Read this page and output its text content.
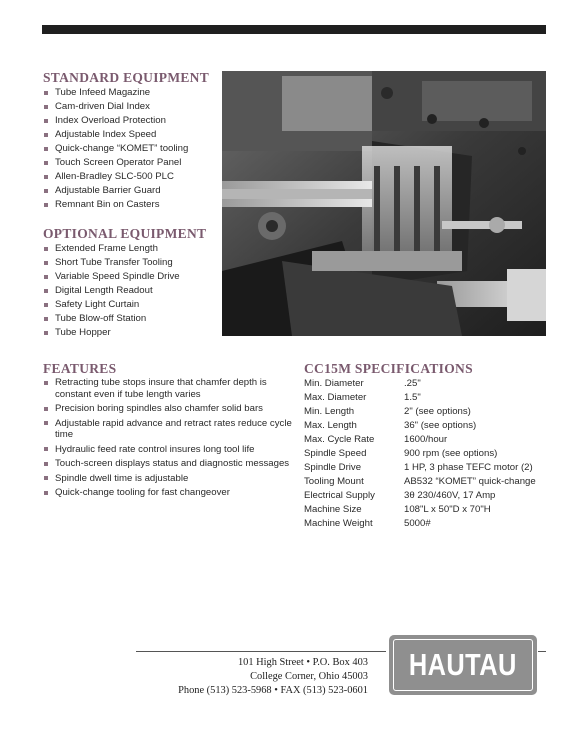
STANDARD EQUIPMENT
Tube Infeed Magazine
Cam-driven Dial Index
Index Overload Protection
Adjustable Index Speed
Quick-change “KOMET” tooling
Touch Screen Operator Panel
Allen-Bradley SLC-500 PLC
Adjustable Barrier Guard
Remnant Bin on Casters
OPTIONAL EQUIPMENT
Extended Frame Length
Short Tube Transfer Tooling
Variable Speed Spindle Drive
Digital Length Readout
Safety Light Curtain
Tube Blow-off Station
Tube Hopper
FEATURES
Retracting tube stops insure that chamfer depth is constant even if tube length varies
Precision boring spindles also chamfer solid bars
Adjustable rapid advance and retract rates reduce cycle time
Hydraulic feed rate control insures long tool life
Touch-screen displays status and diagnostic messages
Spindle dwell time is adjustable
Quick-change tooling for fast changeover
CC15M SPECIFICATIONS
Min. Diameter	.25"
Max. Diameter	1.5"
Min. Length	2" (see options)
Max. Length	36" (see options)
Max. Cycle Rate	1600/hour
Spindle Speed	900 rpm (see options)
Spindle Drive	1 HP, 3 phase TEFC motor (2)
Tooling Mount	AB532 “KOMET” quick-change
Electrical Supply	3θ 230/460V, 17 Amp
Machine Size	108"L x 50"D x 70"H
Machine Weight	5000#
101 High Street • P.O. Box 403
College Corner, Ohio 45003
Phone (513) 523-5968 • FAX (513) 523-0601
HAUTAU
